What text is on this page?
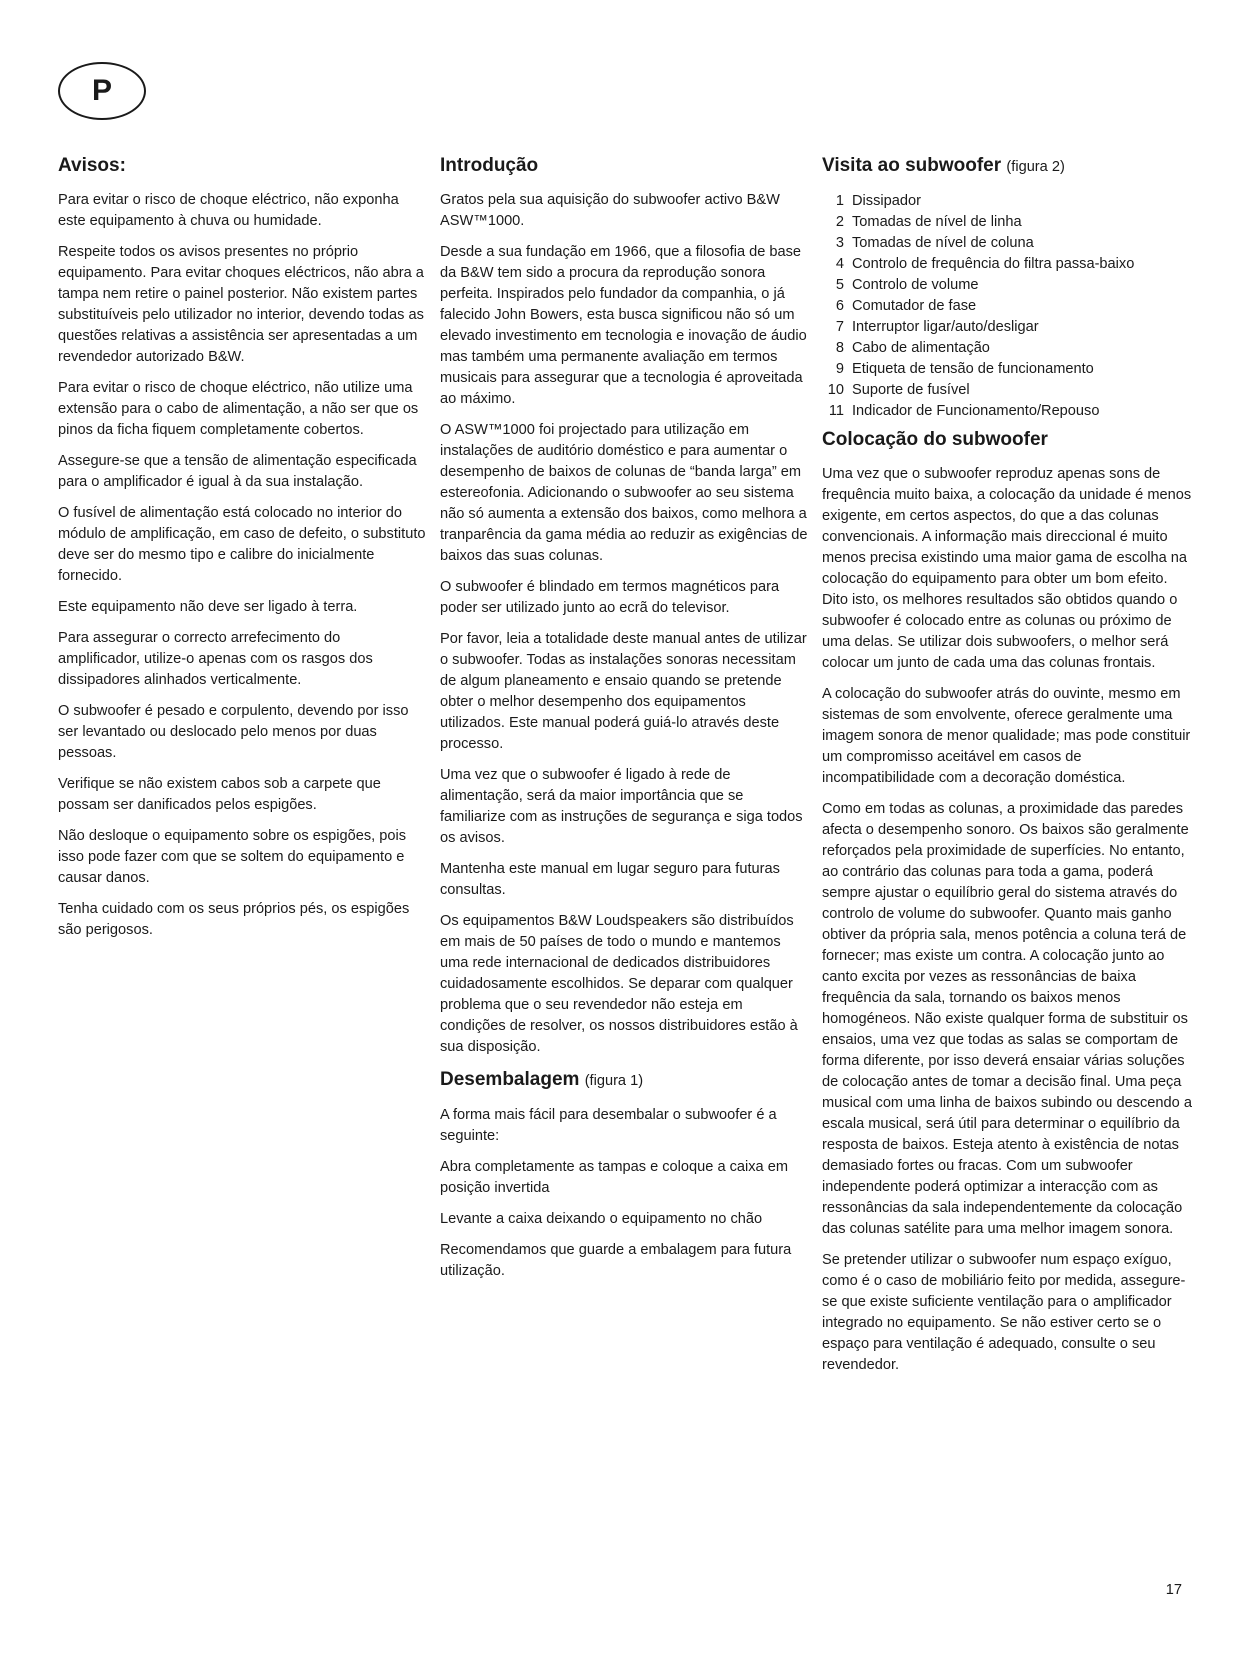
P
Avisos:

Para evitar o risco de choque eléctrico, não exponha este equipamento à chuva ou humidade.

Respeite todos os avisos presentes no próprio equipamento. Para evitar choques eléctricos, não abra a tampa nem retire o painel posterior. Não existem partes substituíveis pelo utilizador no interior, devendo todas as questões relativas a assistência ser apresentadas a um revendedor autorizado B&W.

Para evitar o risco de choque eléctrico, não utilize uma extensão para o cabo de alimentação, a não ser que os pinos da ficha fiquem completamente cobertos.

Assegure-se que a tensão de alimentação especificada para o amplificador é igual à da sua instalação.

O fusível de alimentação está colocado no interior do módulo de amplificação, em caso de defeito, o substituto deve ser do mesmo tipo e calibre do inicialmente fornecido.

Este equipamento não deve ser ligado à terra.

Para assegurar o correcto arrefecimento do amplificador, utilize-o apenas com os rasgos dos dissipadores alinhados verticalmente.

O subwoofer é pesado e corpulento, devendo por isso ser levantado ou deslocado pelo menos por duas pessoas.

Verifique se não existem cabos sob a carpete que possam ser danificados pelos espigões.

Não desloque o equipamento sobre os espigões, pois isso pode fazer com que se soltem do equipamento e causar danos.

Tenha cuidado com os seus próprios pés, os espigões são perigosos.

Introdução

Gratos pela sua aquisição do subwoofer activo B&W ASW™1000.

Desde a sua fundação em 1966, que a filosofia de base da B&W tem sido a procura da reprodução sonora perfeita. Inspirados pelo fundador da companhia, o já falecido John Bowers, esta busca significou não só um elevado investimento em tecnologia e inovação de áudio mas também uma permanente avaliação em termos musicais para assegurar que a tecnologia é aproveitada ao máximo.

O ASW™1000 foi projectado para utilização em instalações de auditório doméstico e para aumentar o desempenho de baixos de colunas de “banda larga” em estereofonia. Adicionando o subwoofer ao seu sistema não só aumenta a extensão dos baixos, como melhora a tranparência da gama média ao reduzir as exigências de baixos das suas colunas.

O subwoofer é blindado em termos magnéticos para poder ser utilizado junto ao ecrã do televisor.

Por favor, leia a totalidade deste manual antes de utilizar o subwoofer. Todas as instalações sonoras necessitam de algum planeamento e ensaio quando se pretende obter o melhor desempenho dos equipamentos utilizados. Este manual poderá guiá-lo através deste processo.

Uma vez que o subwoofer é ligado à rede de alimentação, será da maior importância que se familiarize com as instruções de segurança e siga todos os avisos.

Mantenha este manual em lugar seguro para futuras consultas.

Os equipamentos B&W Loudspeakers são distribuídos em mais de 50 países de todo o mundo e mantemos uma rede internacional de dedicados distribuidores cuidadosamente escolhidos. Se deparar com qualquer problema que o seu revendedor não esteja em condições de resolver, os nossos distribuidores estão à sua disposição.

Desembalagem (figura 1)

A forma mais fácil para desembalar o subwoofer é a seguinte:

Abra completamente as tampas e coloque a caixa em posição invertida

Levante a caixa deixando o equipamento no chão

Recomendamos que guarde a embalagem para futura utilização.

Visita ao subwoofer (figura 2)
1 Dissipador
2 Tomadas de nível de linha
3 Tomadas de nível de coluna
4 Controlo de frequência do filtra passa-baixo
5 Controlo de volume
6 Comutador de fase
7 Interruptor ligar/auto/desligar
8 Cabo de alimentação
9 Etiqueta de tensão de funcionamento
10 Suporte de fusível
11 Indicador de Funcionamento/Repouso
Colocação do subwoofer

Uma vez que o subwoofer reproduz apenas sons de frequência muito baixa, a colocação da unidade é menos exigente, em certos aspectos, do que a das colunas convencionais. A informação mais direccional é muito menos precisa existindo uma maior gama de escolha na colocação do equipamento para obter um bom efeito. Dito isto, os melhores resultados são obtidos quando o subwoofer é colocado entre as colunas ou próximo de uma delas. Se utilizar dois subwoofers, o melhor será colocar um junto de cada uma das colunas frontais.

A colocação do subwoofer atrás do ouvinte, mesmo em sistemas de som envolvente, oferece geralmente uma imagem sonora de menor qualidade; mas pode constituir um compromisso aceitável em casos de incompatibilidade com a decoração doméstica.

Como em todas as colunas, a proximidade das paredes afecta o desempenho sonoro. Os baixos são geralmente reforçados pela proximidade de superfícies. No entanto, ao contrário das colunas para toda a gama, poderá sempre ajustar o equilíbrio geral do sistema através do controlo de volume do subwoofer. Quanto mais ganho obtiver da própria sala, menos potência a coluna terá de fornecer; mas existe um contra. A colocação junto ao canto excita por vezes as ressonâncias de baixa frequência da sala, tornando os baixos menos homogéneos. Não existe qualquer forma de substituir os ensaios, uma vez que todas as salas se comportam de forma diferente, por isso deverá ensaiar várias soluções de colocação antes de tomar a decisão final. Uma peça musical com uma linha de baixos subindo ou descendo a escala musical, será útil para determinar o equilíbrio da resposta de baixos. Esteja atento à existência de notas demasiado fortes ou fracas. Com um subwoofer independente poderá optimizar a interacção com as ressonâncias da sala independentemente da colocação das colunas satélite para uma melhor imagem sonora.

Se pretender utilizar o subwoofer num espaço exíguo, como é o caso de mobiliário feito por medida, assegure-se que existe suficiente ventilação para o amplificador integrado no equipamento. Se não estiver certo se o espaço para ventilação é adequado, consulte o seu revendedor.

17
